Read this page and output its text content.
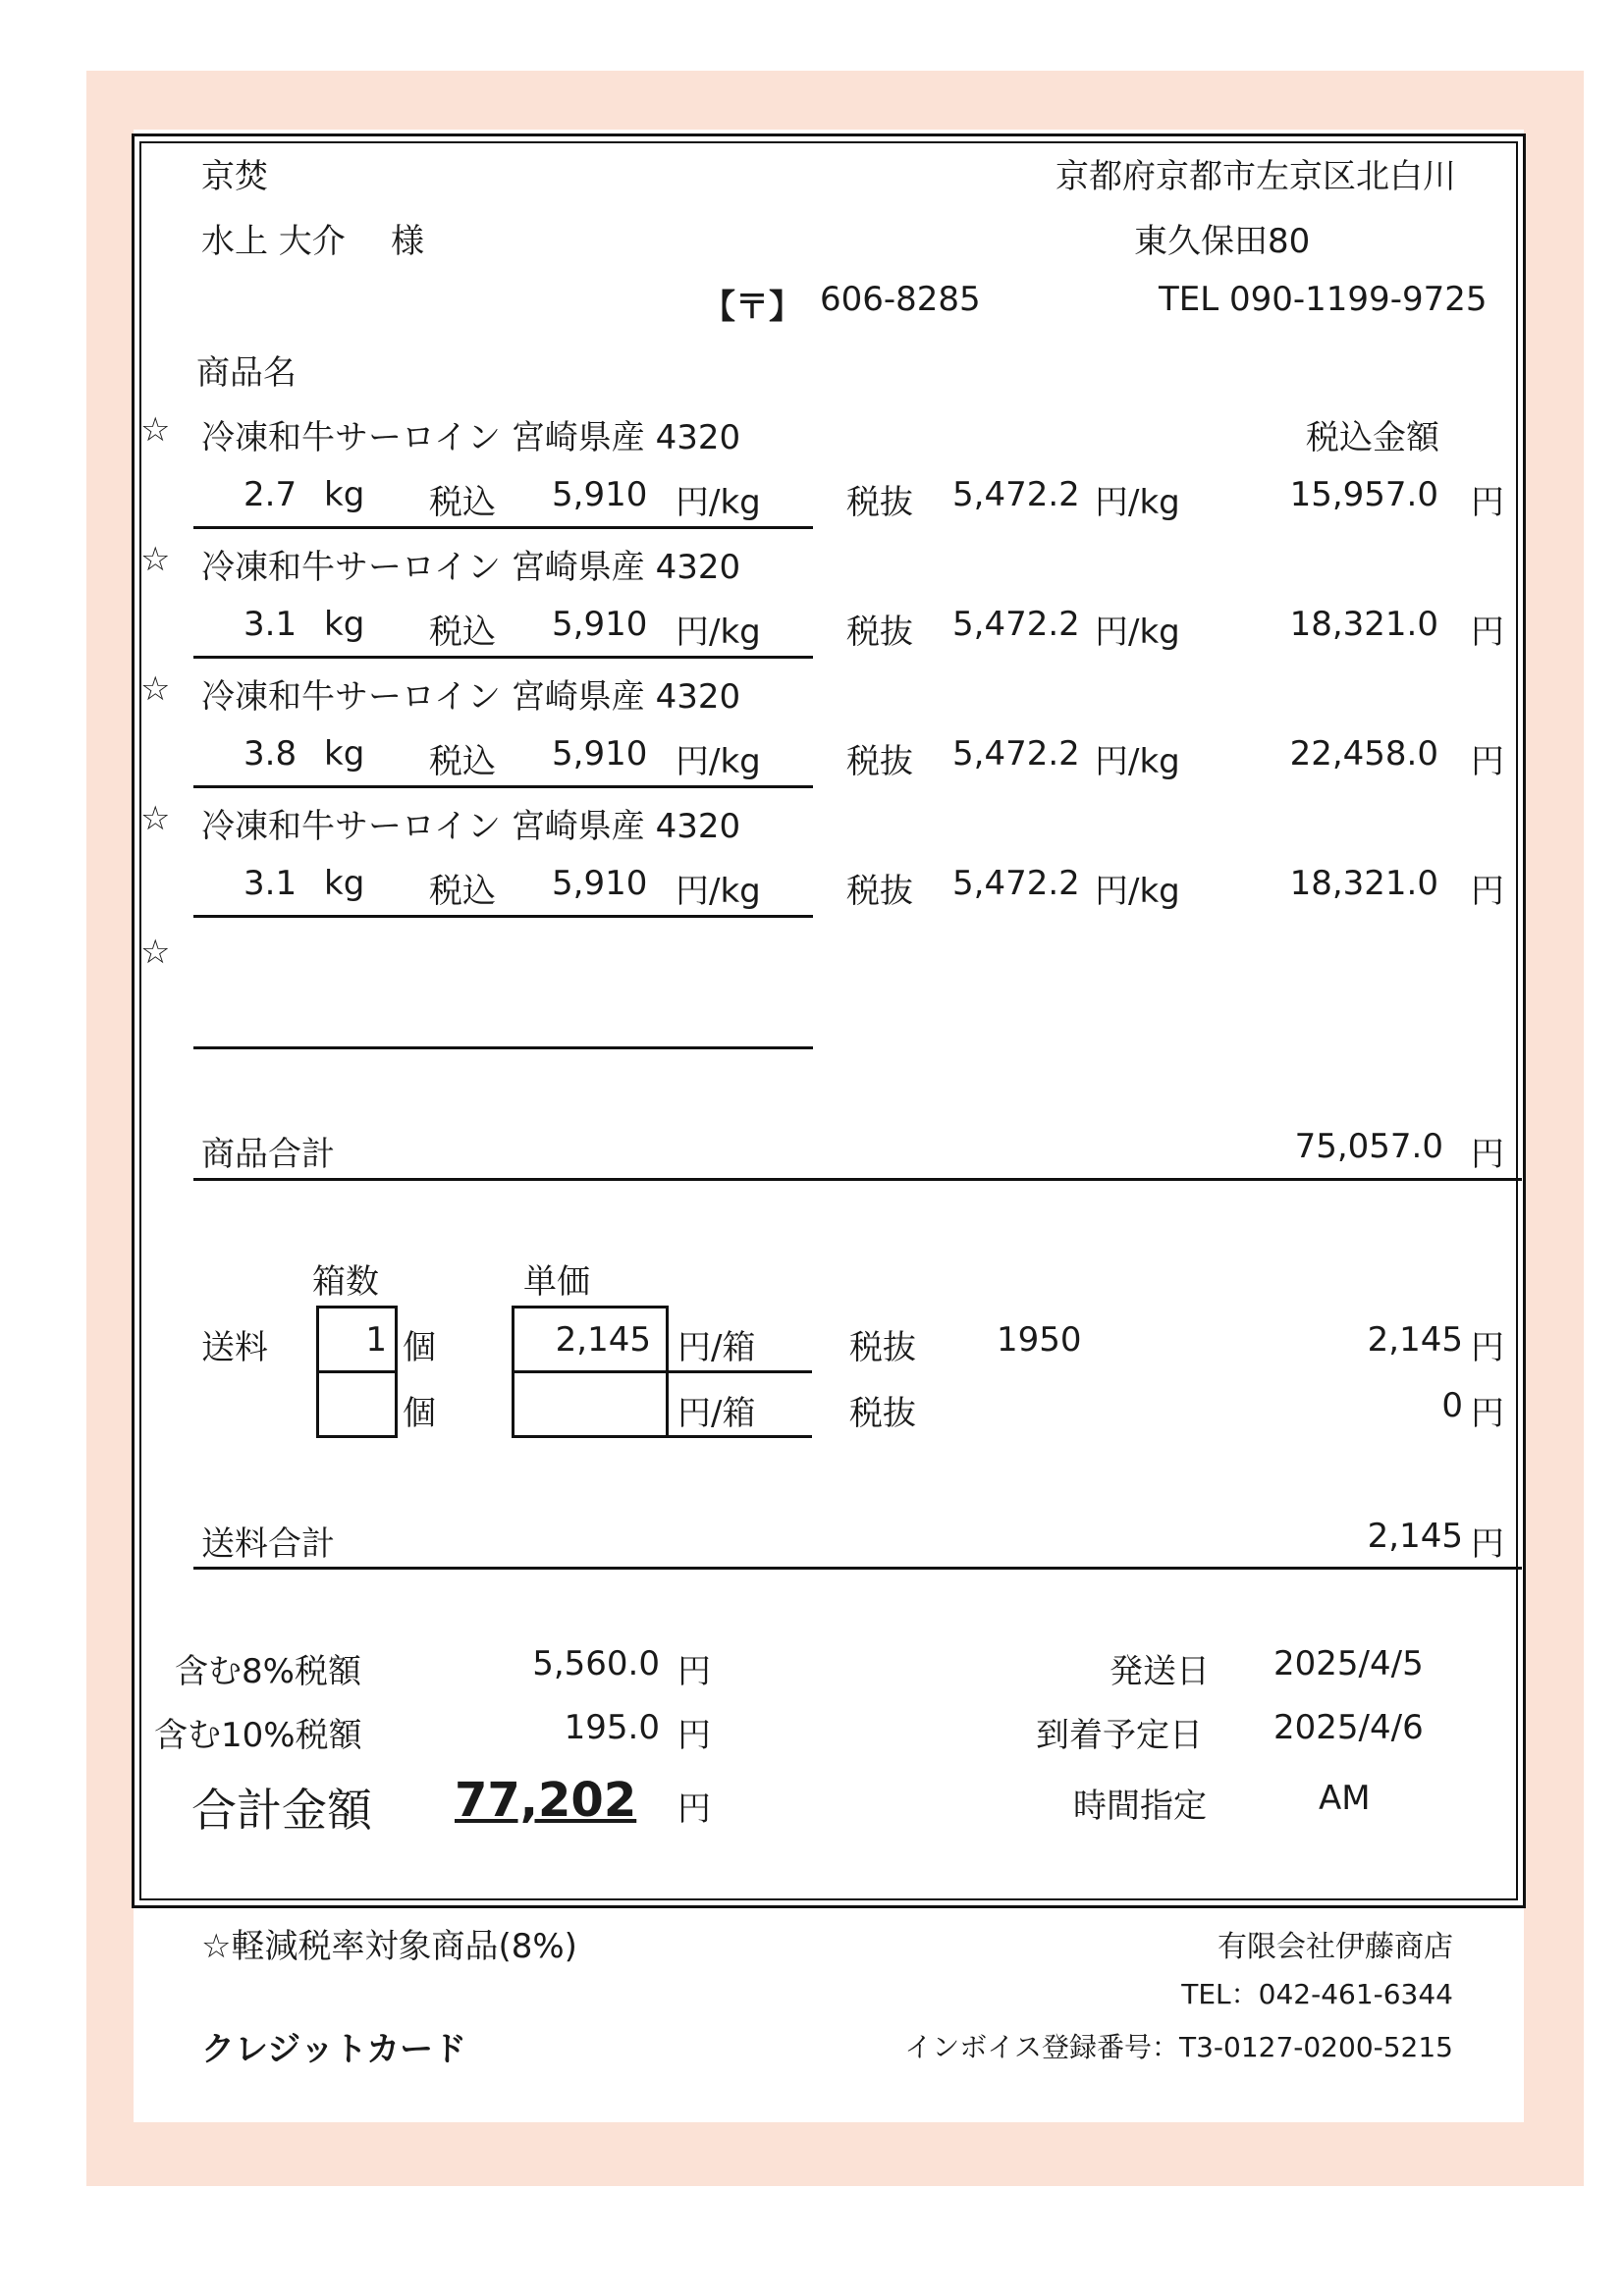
京焚
水上 大介 様
京都府京都市左京区北白川
東久保田80
【〒】 606-8285	TEL 090-1199-9725
商品名
税込金額
☆ 冷凍和牛サーロイン 宮崎県産 4320
2.7 kg 税込 5,910 円/kg	税抜 5,472.2 円/kg	15,957.0 円
☆ 冷凍和牛サーロイン 宮崎県産 4320
3.1 kg 税込 5,910 円/kg	税抜 5,472.2 円/kg	18,321.0 円
☆ 冷凍和牛サーロイン 宮崎県産 4320
3.8 kg 税込 5,910 円/kg	税抜 5,472.2 円/kg	22,458.0 円
☆ 冷凍和牛サーロイン 宮崎県産 4320
3.1 kg 税込 5,910 円/kg	税抜 5,472.2 円/kg	18,321.0 円
☆
商品合計	75,057.0 円
箱数	単価
送料	1 個	2,145 円/箱	税抜 1950	2,145 円
個	円/箱	税抜	0 円
送料合計	2,145 円
含む8%税額	5,560.0 円
含む10%税額	195.0 円
合計金額 77,202 円
発送日 2025/4/5
到着予定日 2025/4/6
時間指定	AM
☆軽減税率対象商品(8%)
クレジットカード
有限会社伊藤商店
TEL：042-461-6344
インボイス登録番号：T3-0127-0200-5215
